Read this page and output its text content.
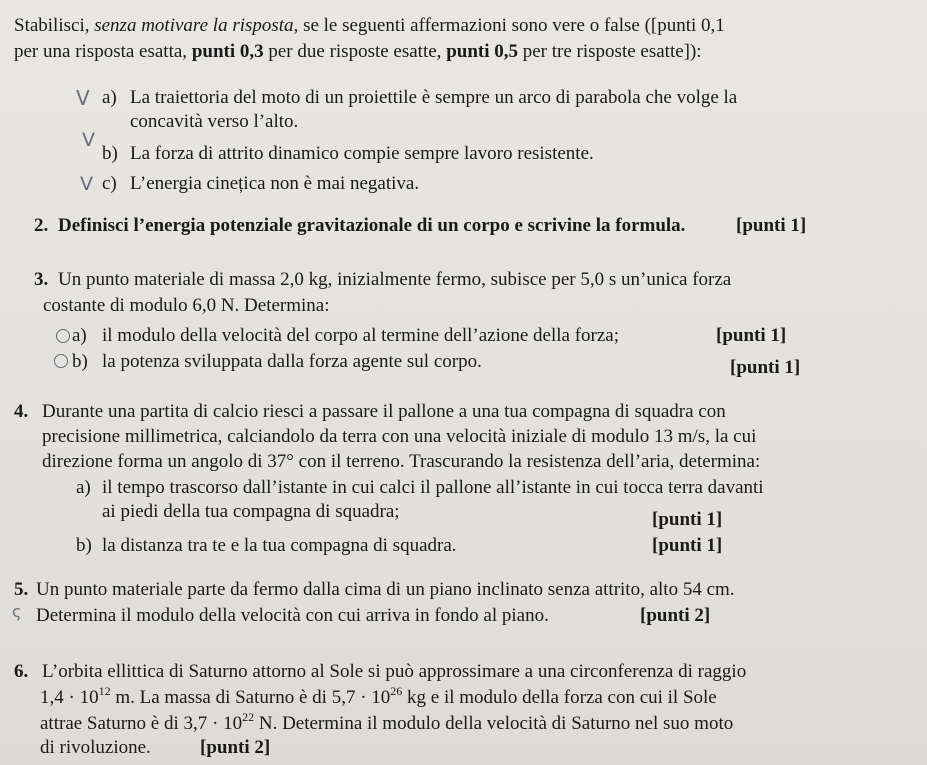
Stabilisci, senza motivare la risposta, se le seguenti affermazioni sono vere o false ([punti 0,1
per una risposta esatta, punti 0,3 per due risposte esatte, punti 0,5 per tre risposte esatte]):
V a) La traiettoria del moto di un proiettile è sempre un arco di parabola che volge la
concavità verso l’alto.
V
b) La forza di attrito dinamico compie sempre lavoro resistente.
V c) L’energia cinețica non è mai negativa.
2. Definisci l’energia potenziale gravitazionale di un corpo e scrivine la formula.	[punti 1]
3. Un punto materiale di massa 2,0 kg, inizialmente fermo, subisce per 5,0 s un’unica forza
costante di modulo 6,0 N. Determina:
a) il modulo della velocità del corpo al termine dell’azione della forza;	[punti 1]
b) la potenza sviluppata dalla forza agente sul corpo.	[punti 1]
4. Durante una partita di calcio riesci a passare il pallone a una tua compagna di squadra con
precisione millimetrica, calciandolo da terra con una velocità iniziale di modulo 13 m/s, la cui
direzione forma un angolo di 37° con il terreno. Trascurando la resistenza dell’aria, determina:
a) il tempo trascorso dall’istante in cui calci il pallone all’istante in cui tocca terra davanti
ai piedi della tua compagna di squadra;	[punti 1]
b) la distanza tra te e la tua compagna di squadra.	[punti 1]
5. Un punto materiale parte da fermo dalla cima di un piano inclinato senza attrito, alto 54 cm.
ς Determina il modulo della velocità con cui arriva in fondo al piano.	[punti 2]
6. L’orbita ellittica di Saturno attorno al Sole si può approssimare a una circonferenza di raggio
$1,4 \cdot 10^{12}$ m. La massa di Saturno è di $5,7 \cdot 10^{26}$ kg e il modulo della forza con cui il Sole
attrae Saturno è di $3,7 \cdot 10^{22}$ N. Determina il modulo della velocità di Saturno nel suo moto
di rivoluzione.	[punti 2]
